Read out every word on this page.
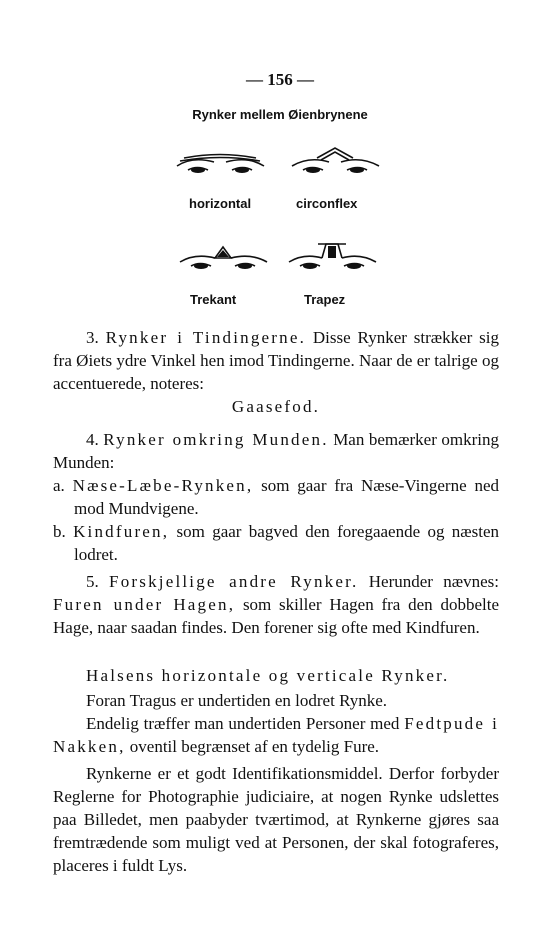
— 156 —
Rynker mellem Øienbrynene
horizontal	circonflex
Trekant	Trapez

3. Rynker i Tindingerne. Disse Rynker strækker sig fra Øiets ydre Vinkel hen imod Tindingerne. Naar de er talrige og accentuerede, noteres:

Gaasefod.

4. Rynker omkring Munden. Man bemærker omkring Munden:

a. Næse-Læbe-Rynken, som gaar fra Næse-Vingerne ned mod Mundvigene.

b. Kindfuren, som gaar bagved den foregaaende og næsten lodret.

5. Forskjellige andre Rynker. Herunder nævnes: Furen under Hagen, som skiller Hagen fra den dobbelte Hage, naar saadan findes. Den forener sig ofte med Kindfuren.

Halsens horizontale og verticale Rynker.

Foran Tragus er undertiden en lodret Rynke.

Endelig træffer man undertiden Personer med Fedtpude i Nakken, oventil begrænset af en tydelig Fure.

Rynkerne er et godt Identifikationsmiddel. Derfor forbyder Reglerne for Photographie judiciaire, at nogen Rynke udslettes paa Billedet, men paabyder tværtimod, at Rynkerne gjøres saa fremtrædende som muligt ved at Personen, der skal fotograferes, placeres i fuldt Lys.
